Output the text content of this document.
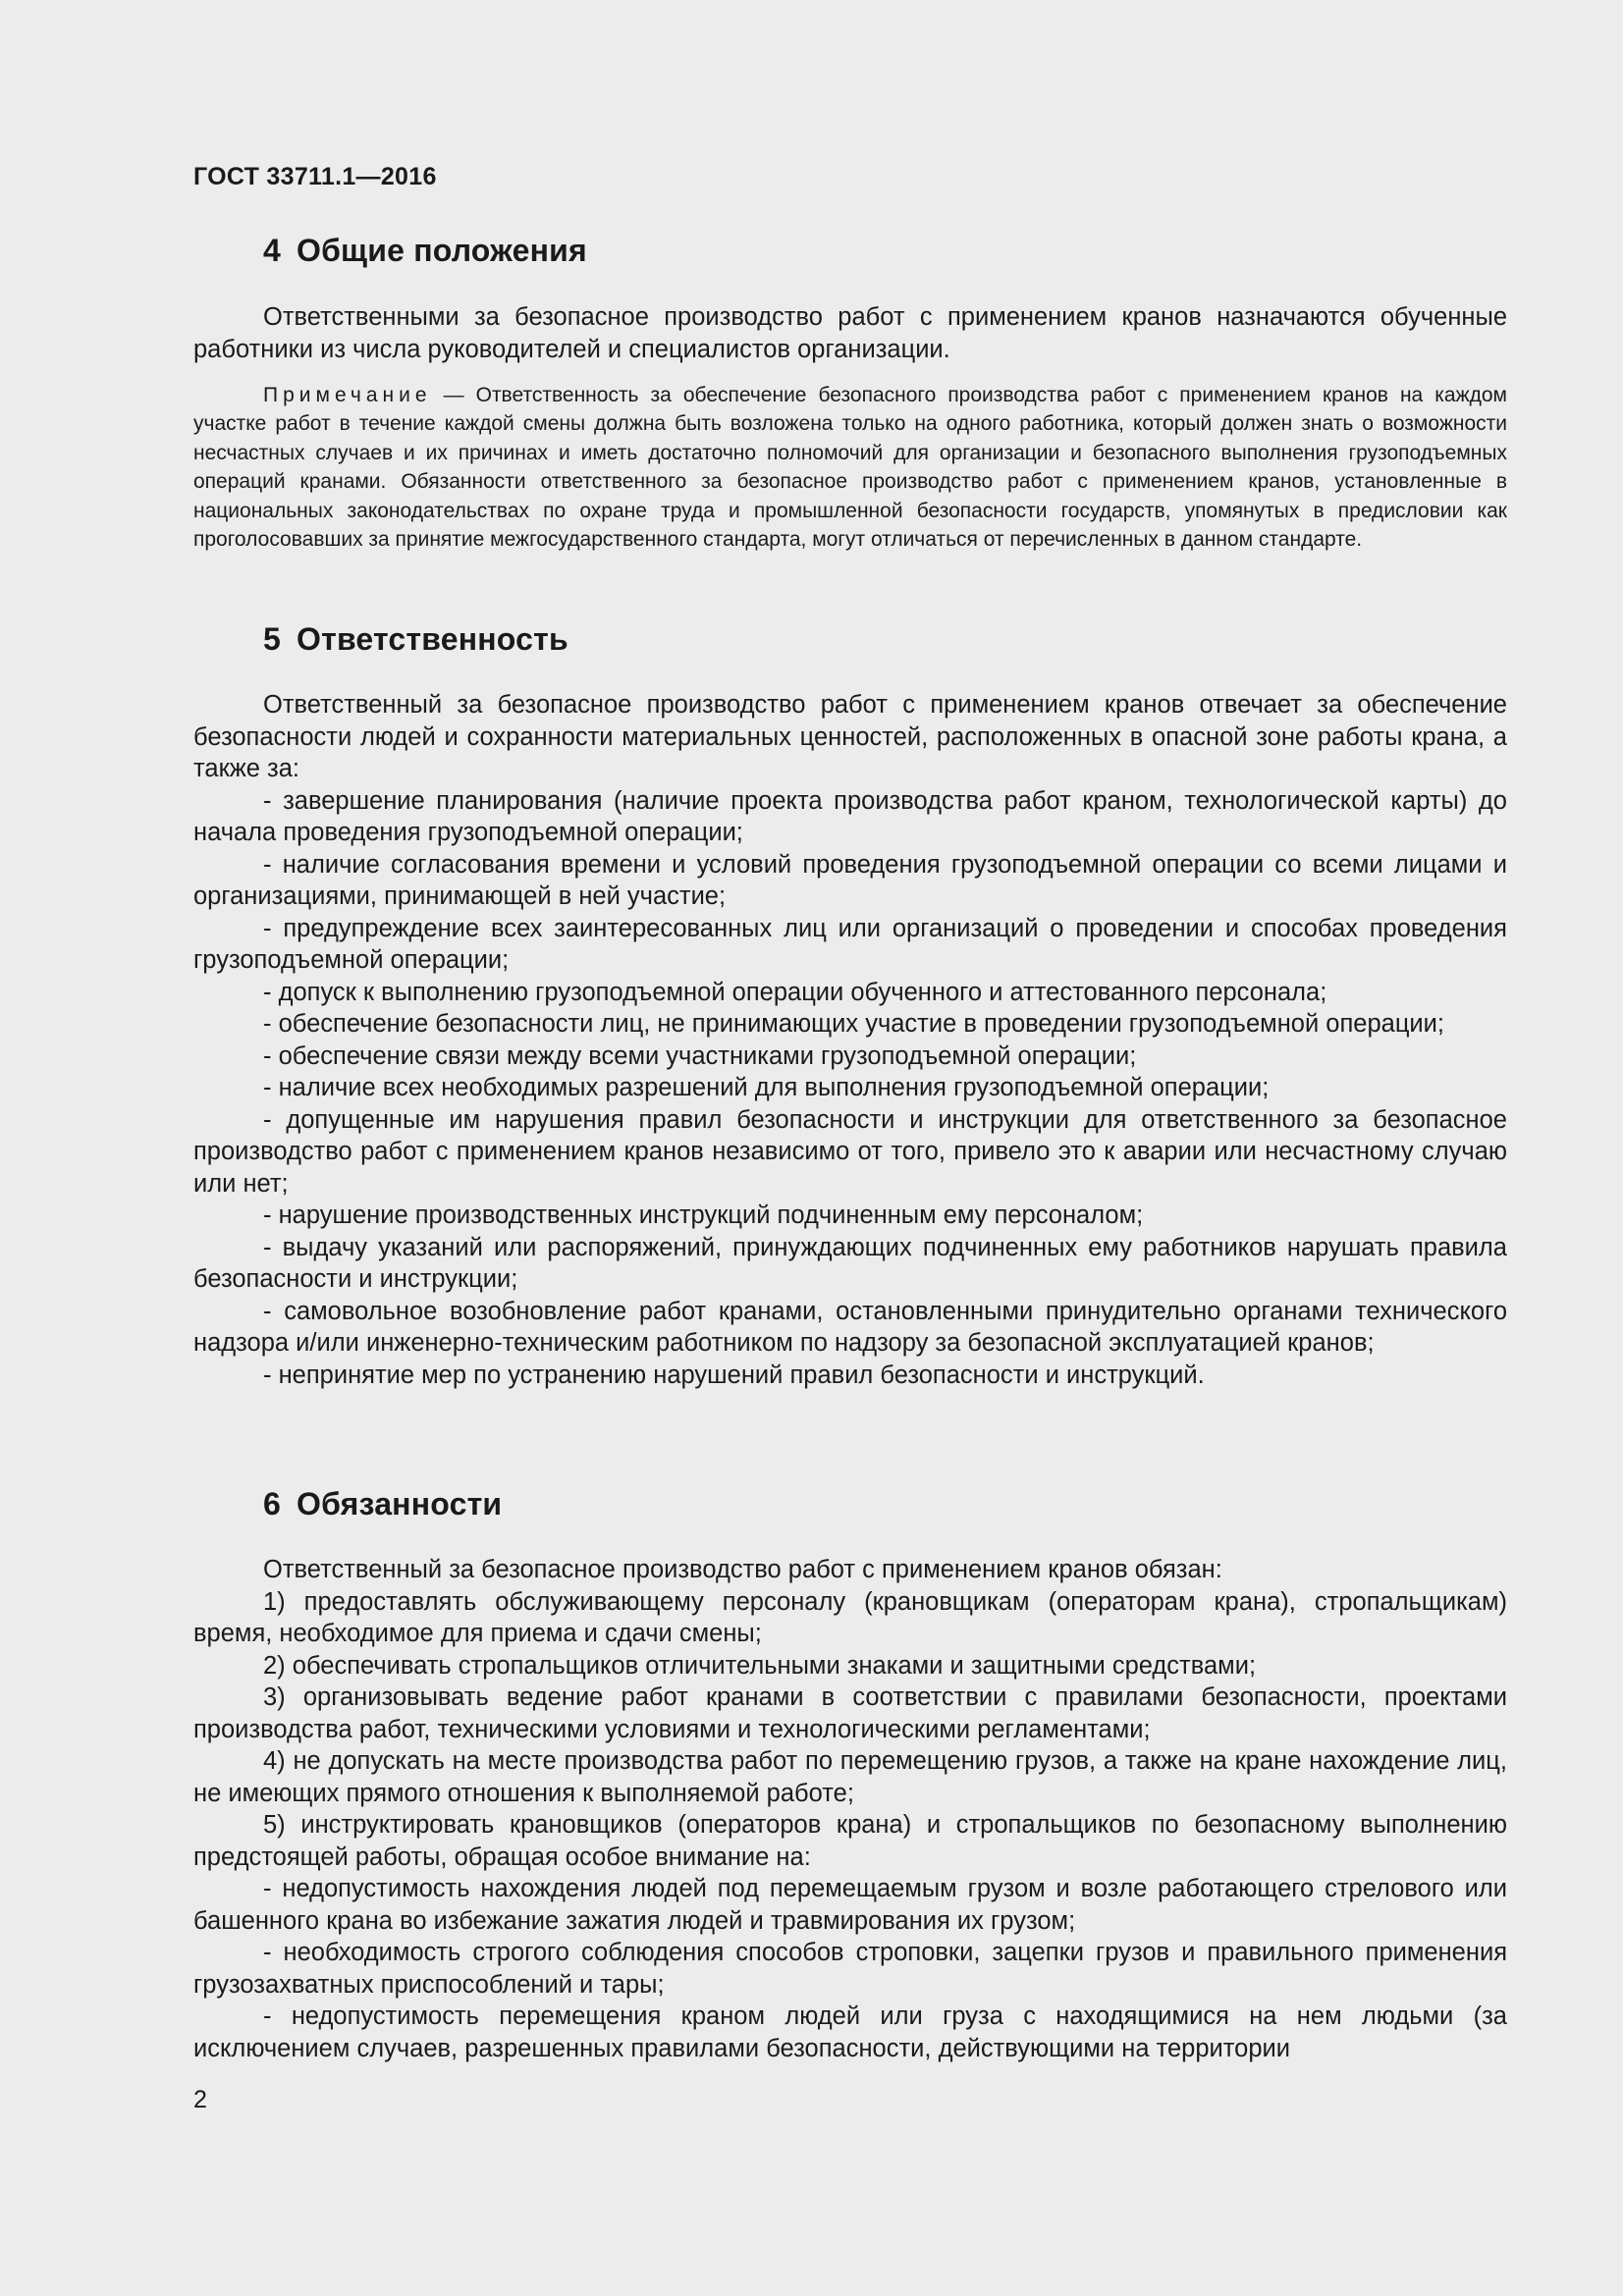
ГОСТ 33711.1—2016
4 Общие положения
Ответственными за безопасное производство работ с применением кранов назначаются обученные работники из числа руководителей и специалистов организации.
Примечание — Ответственность за обеспечение безопасного производства работ с применением кранов на каждом участке работ в течение каждой смены должна быть возложена только на одного работника, который должен знать о возможности несчастных случаев и их причинах и иметь достаточно полномочий для организации и безопасного выполнения грузоподъемных операций кранами. Обязанности ответственного за безопасное производство работ с применением кранов, установленные в национальных законодательствах по охране труда и промышленной безопасности государств, упомянутых в предисловии как проголосовавших за принятие межгосударственного стандарта, могут отличаться от перечисленных в данном стандарте.
5 Ответственность
Ответственный за безопасное производство работ с применением кранов отвечает за обеспечение безопасности людей и сохранности материальных ценностей, расположенных в опасной зоне работы крана, а также за:
- завершение планирования (наличие проекта производства работ краном, технологической карты) до начала проведения грузоподъемной операции;
- наличие согласования времени и условий проведения грузоподъемной операции со всеми лицами и организациями, принимающей в ней участие;
- предупреждение всех заинтересованных лиц или организаций о проведении и способах проведения грузоподъемной операции;
- допуск к выполнению грузоподъемной операции обученного и аттестованного персонала;
- обеспечение безопасности лиц, не принимающих участие в проведении грузоподъемной операции;
- обеспечение связи между всеми участниками грузоподъемной операции;
- наличие всех необходимых разрешений для выполнения грузоподъемной операции;
- допущенные им нарушения правил безопасности и инструкции для ответственного за безопасное производство работ с применением кранов независимо от того, привело это к аварии или несчастному случаю или нет;
- нарушение производственных инструкций подчиненным ему персоналом;
- выдачу указаний или распоряжений, принуждающих подчиненных ему работников нарушать правила безопасности и инструкции;
- самовольное возобновление работ кранами, остановленными принудительно органами технического надзора и/или инженерно-техническим работником по надзору за безопасной эксплуатацией кранов;
- непринятие мер по устранению нарушений правил безопасности и инструкций.
6 Обязанности
Ответственный за безопасное производство работ с применением кранов обязан:
1) предоставлять обслуживающему персоналу (крановщикам (операторам крана), стропальщикам) время, необходимое для приема и сдачи смены;
2) обеспечивать стропальщиков отличительными знаками и защитными средствами;
3) организовывать ведение работ кранами в соответствии с правилами безопасности, проектами производства работ, техническими условиями и технологическими регламентами;
4) не допускать на месте производства работ по перемещению грузов, а также на кране нахождение лиц, не имеющих прямого отношения к выполняемой работе;
5) инструктировать крановщиков (операторов крана) и стропальщиков по безопасному выполнению предстоящей работы, обращая особое внимание на:
- недопустимость нахождения людей под перемещаемым грузом и возле работающего стрелового или башенного крана во избежание зажатия людей и травмирования их грузом;
- необходимость строгого соблюдения способов строповки, зацепки грузов и правильного применения грузозахватных приспособлений и тары;
- недопустимость перемещения краном людей или груза с находящимися на нем людьми (за исключением случаев, разрешенных правилами безопасности, действующими на территории
2
